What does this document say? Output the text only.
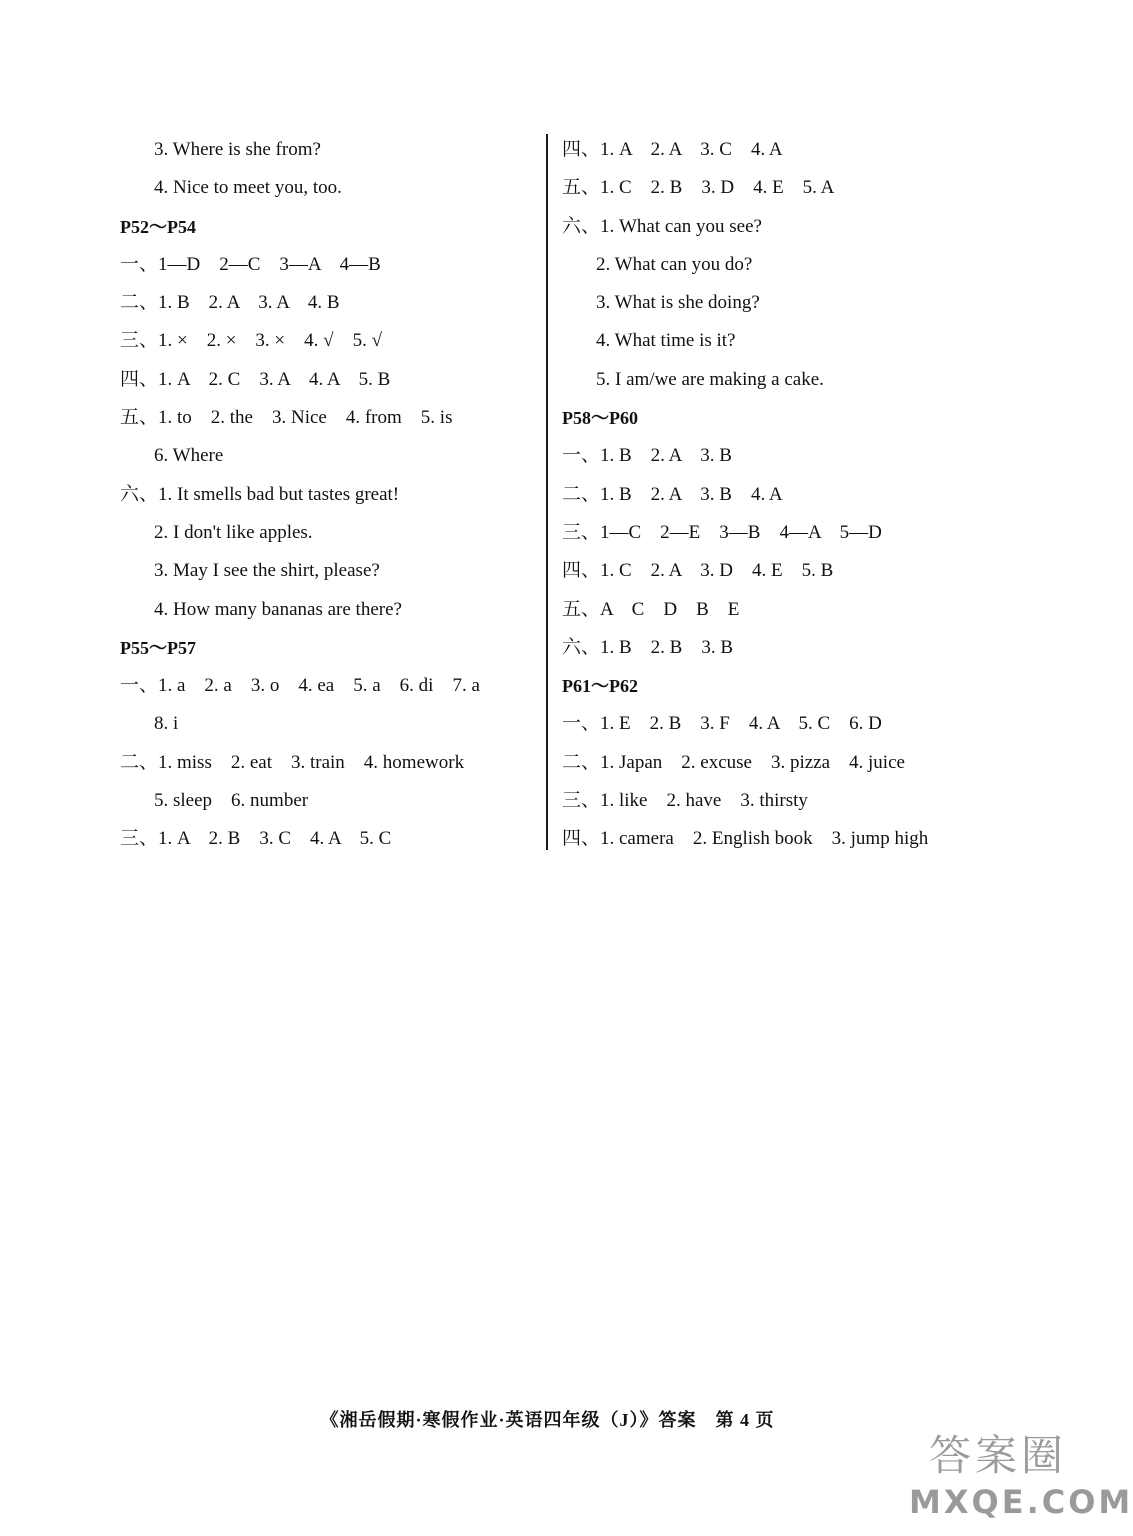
3. Where is she from?
4. Nice to meet you, too.
P52～P54
一、1—D　2—C　3—A　4—B
二、1. B　2. A　3. A　4. B
三、1. ×　2. ×　3. ×　4. √　5. √
四、1. A　2. C　3. A　4. A　5. B
五、1. to　2. the　3. Nice　4. from　5. is
6. Where
六、1. It smells bad but tastes great!
2. I don't like apples.
3. May I see the shirt, please?
4. How many bananas are there?
P55～P57
一、1. a　2. a　3. o　4. ea　5. a　6. di　7. a
8. i
二、1. miss　2. eat　3. train　4. homework
5. sleep　6. number
三、1. A　2. B　3. C　4. A　5. C
四、1. A　2. A　3. C　4. A
五、1. C　2. B　3. D　4. E　5. A
六、1. What can you see?
2. What can you do?
3. What is she doing?
4. What time is it?
5. I am/we are making a cake.
P58～P60
一、1. B　2. A　3. B
二、1. B　2. A　3. B　4. A
三、1—C　2—E　3—B　4—A　5—D
四、1. C　2. A　3. D　4. E　5. B
五、A　C　D　B　E
六、1. B　2. B　3. B
P61～P62
一、1. E　2. B　3. F　4. A　5. C　6. D
二、1. Japan　2. excuse　3. pizza　4. juice
三、1. like　2. have　3. thirsty
四、1. camera　2. English book　3. jump high
《湘岳假期·寒假作业·英语四年级（J）》答案　第 4 页
答案圈
MXQE.COM
